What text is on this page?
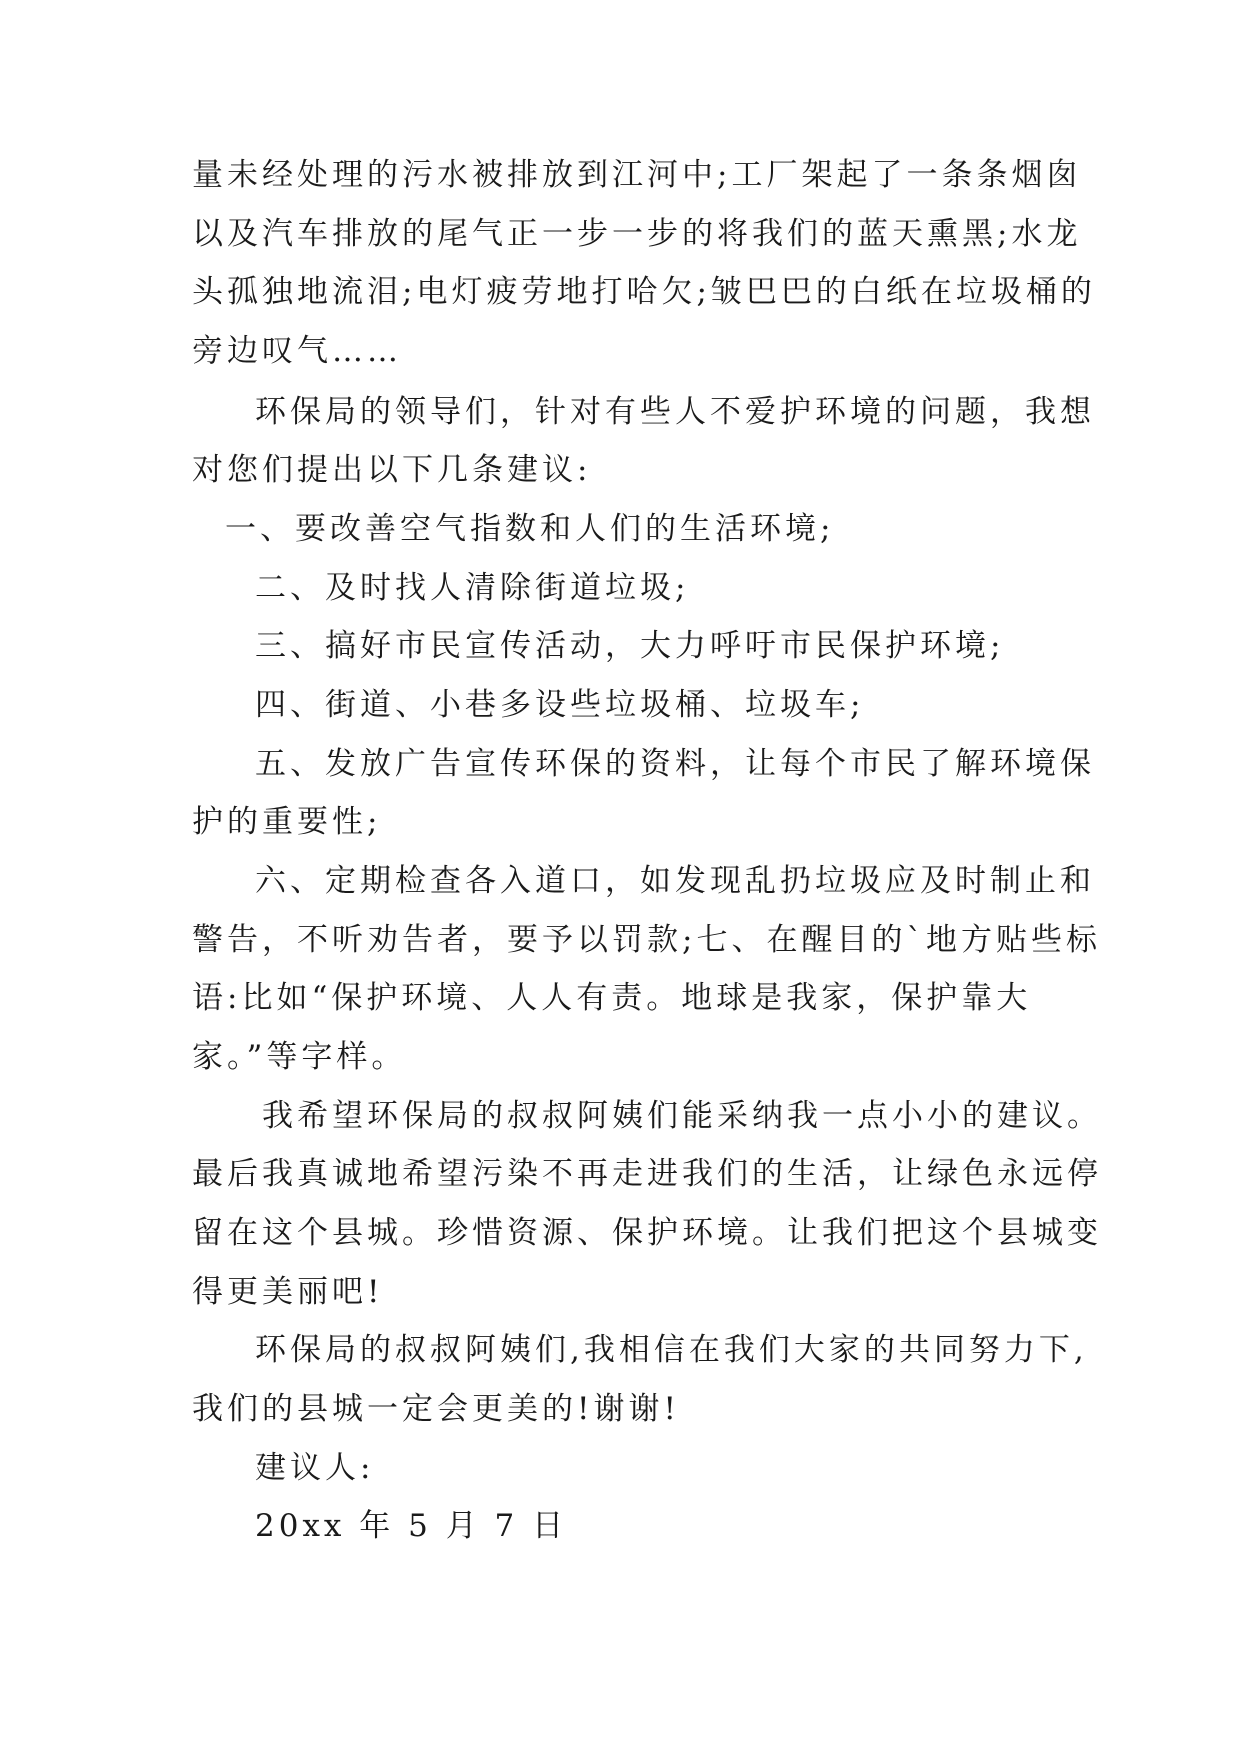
量未经处理的污水被排放到江河中;工厂架起了一条条烟囱
以及汽车排放的尾气正一步一步的将我们的蓝天熏黑;水龙
头孤独地流泪;电灯疲劳地打哈欠;皱巴巴的白纸在垃圾桶的
旁边叹气……
环保局的领导们，针对有些人不爱护环境的问题，我想
对您们提出以下几条建议:
一、要改善空气指数和人们的生活环境;
二、及时找人清除街道垃圾;
三、搞好市民宣传活动，大力呼吁市民保护环境;
四、街道、小巷多设些垃圾桶、垃圾车;
五、发放广告宣传环保的资料，让每个市民了解环境保
护的重要性;
六、定期检查各入道口，如发现乱扔垃圾应及时制止和
警告，不听劝告者，要予以罚款;七、在醒目的`地方贴些标
语:比如“保护环境、人人有责。地球是我家，保护靠大
家。”等字样。
我希望环保局的叔叔阿姨们能采纳我一点小小的建议。
最后我真诚地希望污染不再走进我们的生活，让绿色永远停
留在这个县城。珍惜资源、保护环境。让我们把这个县城变
得更美丽吧!
环保局的叔叔阿姨们,我相信在我们大家的共同努力下,
我们的县城一定会更美的!谢谢!
建议人:
20xx 年 5 月 7 日
